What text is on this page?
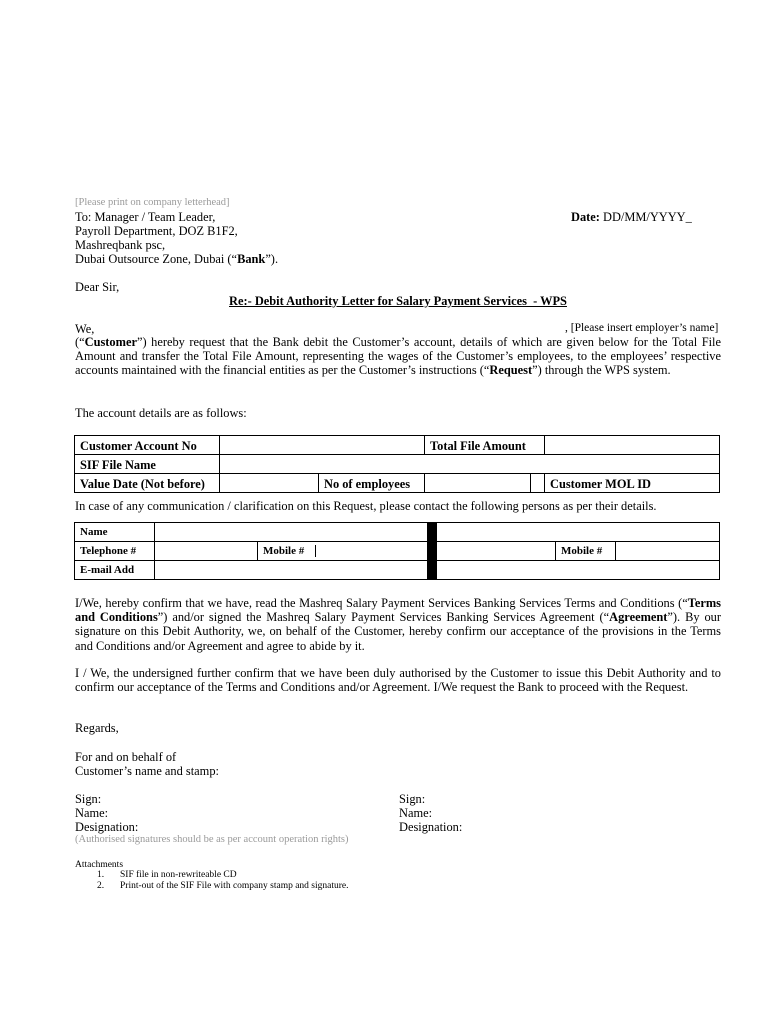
[Please print on company letterhead]
To: Manager / Team Leader,
Payroll Department, DOZ B1F2,
Mashreqbank psc,
Dubai Outsource Zone, Dubai (“Bank”).
Date: DD/MM/YYYY_
Dear Sir,
Re:- Debit Authority Letter for Salary Payment Services  - WPS
We,	, [Please insert employer’s name]
(“Customer”) hereby request that the Bank debit the Customer’s account, details of which are given below for the Total File Amount and transfer the Total File Amount, representing the wages of the Customer’s employees, to the employees’ respective accounts maintained with the financial entities as per the Customer’s instructions (“Request”) through the WPS system.
The account details are as follows:
Customer Account No			Total File Amount		
SIF File Name					
Value Date (Not before)		No of employees			Customer MOL ID
In case of any communication / clarification on this Request, please contact the following persons as per their details.
Name						
Telephone #		Mobile #			Mobile #	
E-mail Add						
I/We, hereby confirm that we have, read the Mashreq Salary Payment Services Banking Services Terms and Conditions (“Terms and Conditions”) and/or signed the Mashreq Salary Payment Services Banking Services Agreement (“Agreement”). By our signature on this Debit Authority, we, on behalf of the Customer, hereby confirm our acceptance of the provisions in the Terms and Conditions and/or Agreement and agree to abide by it.
I / We, the undersigned further confirm that we have been duly authorised by the Customer to issue this Debit Authority and to confirm our acceptance of the Terms and Conditions and/or Agreement. I/We request the Bank to proceed with the Request.
Regards,
For and on behalf of
Customer’s name and stamp:
Sign:
Name:
Designation:
Sign:
Name:
Designation:
(Authorised signatures should be as per account operation rights)
Attachments
1. SIF file in non-rewriteable CD
2. Print-out of the SIF File with company stamp and signature.
